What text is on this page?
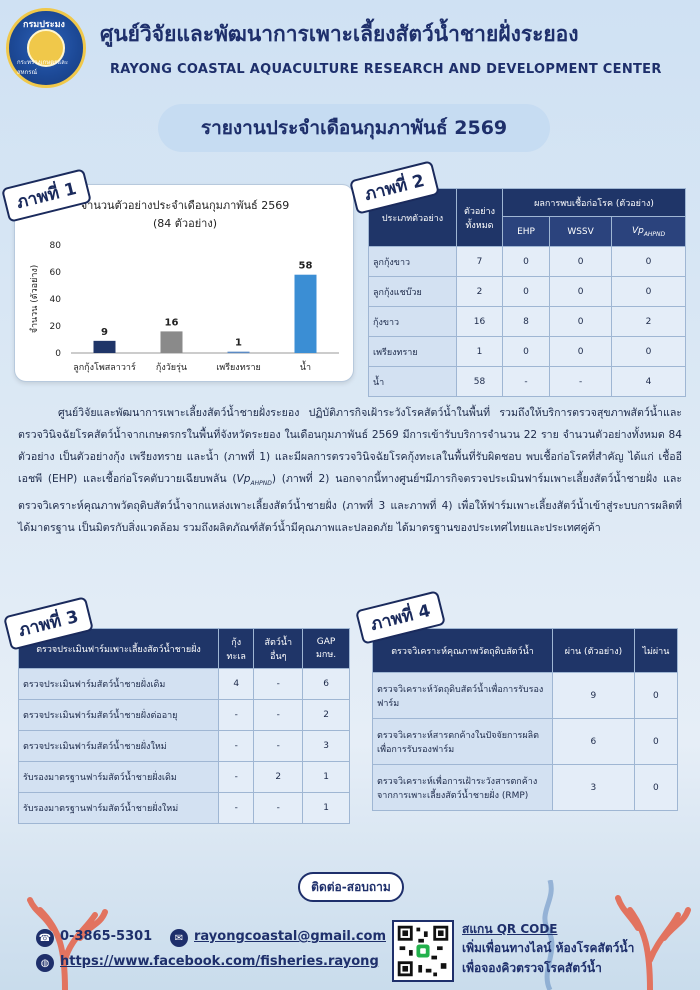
กรมประมง
กระทรวงเกษตรและสหกรณ์
ศูนย์วิจัยและพัฒนาการเพาะเลี้ยงสัตว์น้ำชายฝั่งระยอง
RAYONG COASTAL AQUACULTURE RESEARCH AND DEVELOPMENT CENTER
รายงานประจำเดือนกุมภาพันธ์ 2569
จำนวนตัวอย่างประจำเดือนกุมภาพันธ์ 2569
(84 ตัวอย่าง)
จำนวน (ตัวอย่าง)
0
20
40
60
80
9
ลูกกุ้งโพสลาวาร์
16
กุ้งวัยรุ่น
1
เพรียงทราย
58
น้ำ
ภาพที่ 1
ประเภทตัวอย่าง	ตัวอย่างทั้งหมด	ผลการพบเชื้อก่อโรค (ตัวอย่าง)		
		EHP	WSSV	$Vp_{AHPND}$
ลูกกุ้งขาว	7	0	0	0
ลูกกุ้งแชบ๊วย	2	0	0	0
กุ้งขาว	16	8	0	2
เพรียงทราย	1	0	0	0
น้ำ	58	-	-	4
ภาพที่ 2
ศูนย์วิจัยและพัฒนาการเพาะเลี้ยงสัตว์น้ำชายฝั่งระยอง ปฏิบัติภารกิจเฝ้าระวังโรคสัตว์น้ำในพื้นที่ รวมถึงให้บริการตรวจสุขภาพสัตว์น้ำและตรวจวินิจฉัยโรคสัตว์น้ำจากเกษตรกรในพื้นที่จังหวัดระยอง ในเดือนกุมภาพันธ์ 2569 มีการเข้ารับบริการจำนวน 22 ราย จำนวนตัวอย่างทั้งหมด 84 ตัวอย่าง เป็นตัวอย่างกุ้ง เพรียงทราย และน้ำ (ภาพที่ 1) และมีผลการตรวจวินิจฉัยโรคกุ้งทะเลในพื้นที่รับผิดชอบ พบเชื้อก่อโรคที่สำคัญ ได้แก่ เชื้ออีเอชพี (EHP) และเชื้อก่อโรคตับวายเฉียบพลัน $(Vp_{AHPND})$ (ภาพที่ 2) นอกจากนี้ทางศูนย์ฯมีภารกิจตรวจประเมินฟาร์มเพาะเลี้ยงสัตว์น้ำชายฝั่ง และตรวจวิเคราะห์คุณภาพวัตถุดิบสัตว์น้ำจากแหล่งเพาะเลี้ยงสัตว์น้ำชายฝั่ง (ภาพที่ 3 และภาพที่ 4) เพื่อให้ฟาร์มเพาะเลี้ยงสัตว์น้ำเข้าสู่ระบบการผลิตที่ได้มาตรฐาน เป็นมิตรกับสิ่งแวดล้อม รวมถึงผลิตภัณฑ์สัตว์น้ำมีคุณภาพและปลอดภัย ได้มาตรฐานของประเทศไทยและประเทศคู่ค้า
ตรวจประเมินฟาร์มเพาะเลี้ยงสัตว์น้ำชายฝั่ง	กุ้งทะเล	สัตว์น้ำอื่นๆ	GAP มกษ.
ตรวจประเมินฟาร์มสัตว์น้ำชายฝั่งเดิม	4	-	6
ตรวจประเมินฟาร์มสัตว์น้ำชายฝั่งต่ออายุ	-	-	2
ตรวจประเมินฟาร์มสัตว์น้ำชายฝั่งใหม่	-	-	3
รับรองมาตรฐานฟาร์มสัตว์น้ำชายฝั่งเดิม	-	2	1
รับรองมาตรฐานฟาร์มสัตว์น้ำชายฝั่งใหม่	-	-	1
ภาพที่ 3
ตรวจวิเคราะห์คุณภาพวัตถุดิบสัตว์น้ำ	ผ่าน (ตัวอย่าง)	ไม่ผ่าน
ตรวจวิเคราะห์วัตถุดิบสัตว์น้ำเพื่อการรับรองฟาร์ม	9	0
ตรวจวิเคราะห์สารตกค้างในปัจจัยการผลิตเพื่อการรับรองฟาร์ม	6	0
ตรวจวิเคราะห์เพื่อการเฝ้าระวังสารตกค้างจากการเพาะเลี้ยงสัตว์น้ำชายฝั่ง (RMP)	3	0
ภาพที่ 4
ติดต่อ-สอบถาม
☎ 0-3865-5301	✉ rayongcoastal@gmail.com
◍ https://www.facebook.com/fisheries.rayong
สแกน QR CODE
เพิ่มเพื่อนทางไลน์ ห้องโรคสัตว์น้ำ
เพื่อจองคิวตรวจโรคสัตว์น้ำ
